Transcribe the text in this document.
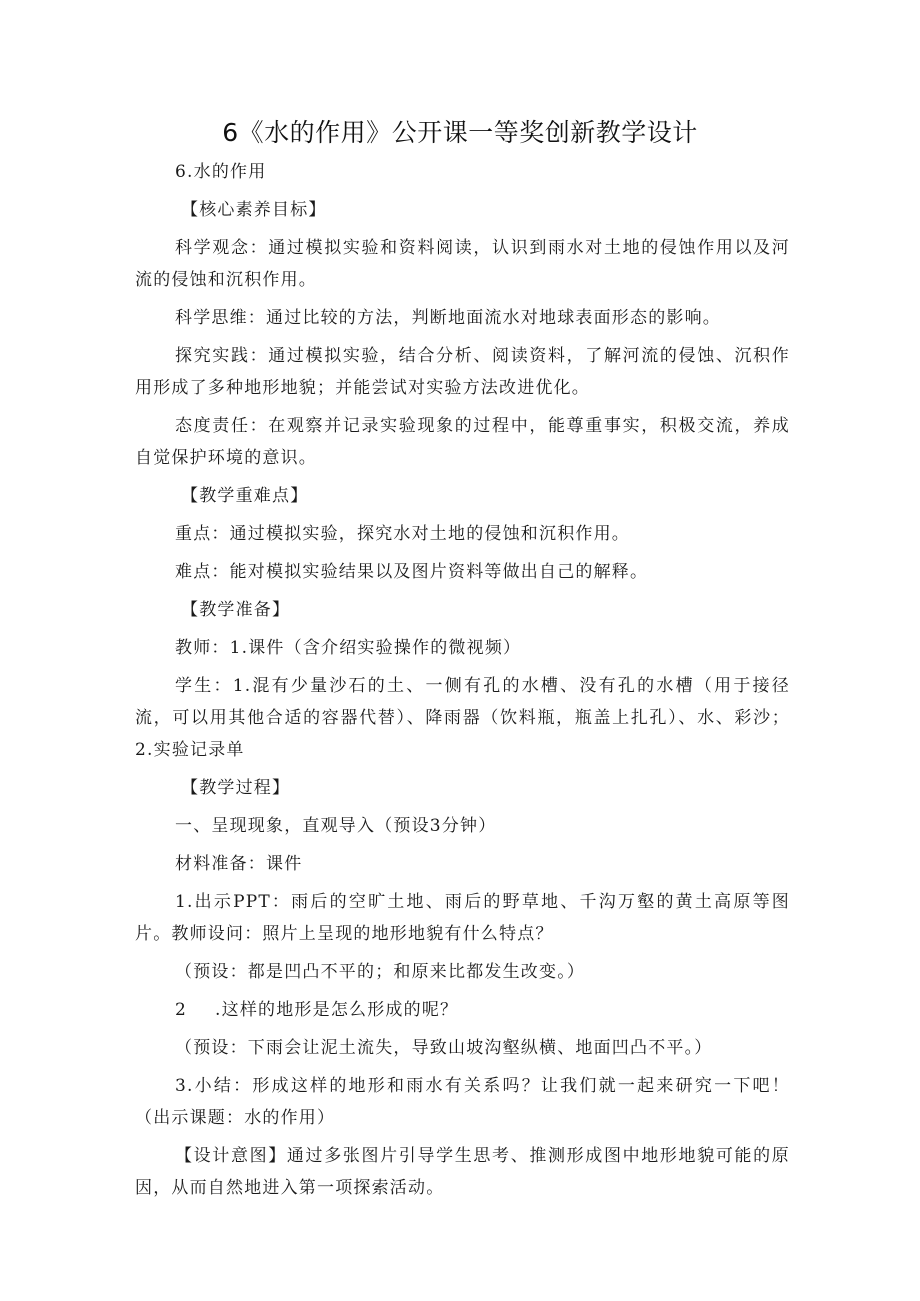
6《水的作用》公开课一等奖创新教学设计

6.水的作用

【核心素养目标】

科学观念：通过模拟实验和资料阅读，认识到雨水对土地的侵蚀作用以及河流的侵蚀和沉积作用。

科学思维：通过比较的方法，判断地面流水对地球表面形态的影响。

探究实践：通过模拟实验，结合分析、阅读资料，了解河流的侵蚀、沉积作用形成了多种地形地貌；并能尝试对实验方法改进优化。

态度责任：在观察并记录实验现象的过程中，能尊重事实，积极交流，养成自觉保护环境的意识。

【教学重难点】

重点：通过模拟实验，探究水对土地的侵蚀和沉积作用。

难点：能对模拟实验结果以及图片资料等做出自己的解释。

【教学准备】

教师：1.课件（含介绍实验操作的微视频）

学生：1.混有少量沙石的土、一侧有孔的水槽、没有孔的水槽（用于接径流，可以用其他合适的容器代替）、降雨器（饮料瓶，瓶盖上扎孔）、水、彩沙；2.实验记录单

【教学过程】

一、呈现现象，直观导入（预设3分钟）

材料准备：课件

1.出示PPT：雨后的空旷土地、雨后的野草地、千沟万壑的黄土高原等图片。教师设问：照片上呈现的地形地貌有什么特点？

（预设：都是凹凸不平的；和原来比都发生改变。）

2 .这样的地形是怎么形成的呢？

（预设：下雨会让泥土流失，导致山坡沟壑纵横、地面凹凸不平。）

3.小结：形成这样的地形和雨水有关系吗？让我们就一起来研究一下吧！（出示课题：水的作用）

【设计意图】通过多张图片引导学生思考、推测形成图中地形地貌可能的原因，从而自然地进入第一项探索活动。
